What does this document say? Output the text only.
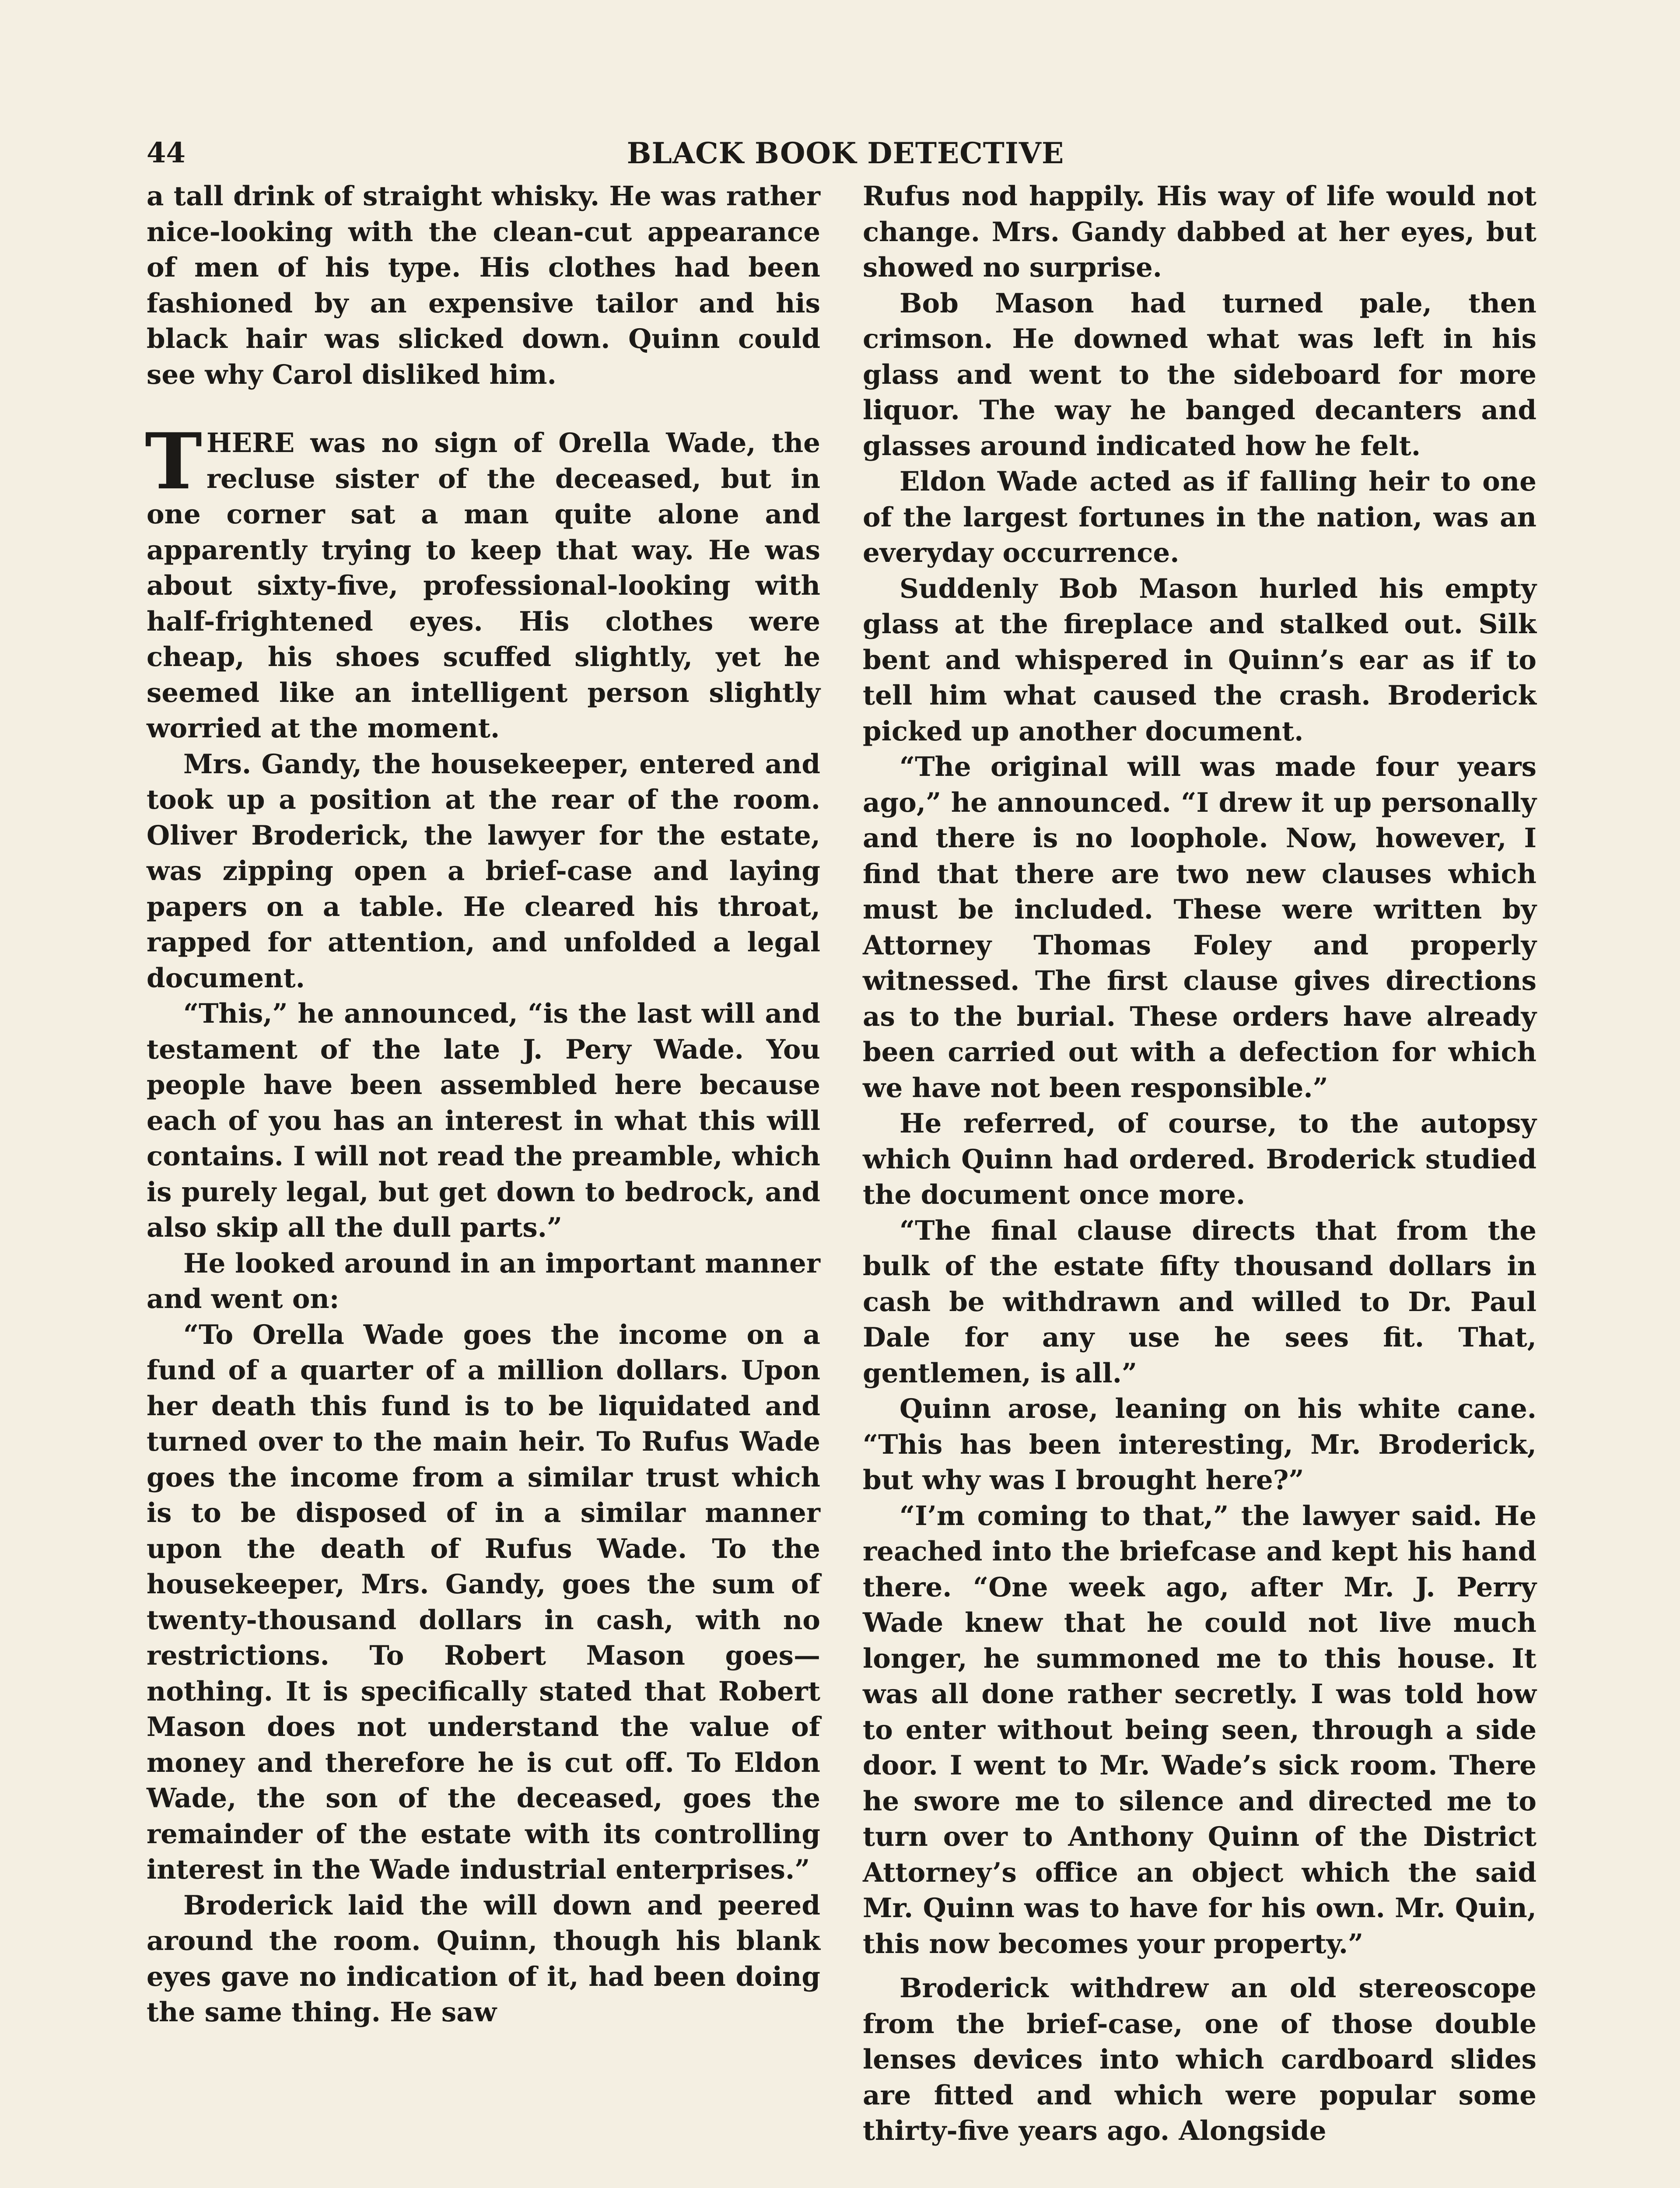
44	BLACK BOOK DETECTIVE

a tall drink of straight whisky. He was rather nice-looking with the clean-cut appearance of men of his type. His clothes had been fashioned by an expensive tailor and his black hair was slicked down. Quinn could see why Carol disliked him.

THERE was no sign of Orella Wade, the recluse sister of the deceased, but in one corner sat a man quite alone and apparently trying to keep that way. He was about sixty-five, professional-looking with half-frightened eyes. His clothes were cheap, his shoes scuffed slightly, yet he seemed like an intelligent person slightly worried at the moment.

Mrs. Gandy, the housekeeper, entered and took up a position at the rear of the room. Oliver Broderick, the lawyer for the estate, was zipping open a brief-case and laying papers on a table. He cleared his throat, rapped for attention, and unfolded a legal document.

“This,” he announced, “is the last will and testament of the late J. Pery Wade. You people have been assembled here because each of you has an interest in what this will contains. I will not read the preamble, which is purely legal, but get down to bedrock, and also skip all the dull parts.”

He looked around in an important manner and went on:

“To Orella Wade goes the income on a fund of a quarter of a million dollars. Upon her death this fund is to be liquidated and turned over to the main heir. To Rufus Wade goes the income from a similar trust which is to be disposed of in a similar manner upon the death of Rufus Wade. To the housekeeper, Mrs. Gandy, goes the sum of twenty-thousand dollars in cash, with no restrictions. To Robert Mason goes—nothing. It is specifically stated that Robert Mason does not understand the value of money and therefore he is cut off. To Eldon Wade, the son of the deceased, goes the remainder of the estate with its controlling interest in the Wade industrial enterprises.”

Broderick laid the will down and peered around the room. Quinn, though his blank eyes gave no indication of it, had been doing the same thing. He saw

Rufus nod happily. His way of life would not change. Mrs. Gandy dabbed at her eyes, but showed no surprise.

Bob Mason had turned pale, then crimson. He downed what was left in his glass and went to the sideboard for more liquor. The way he banged decanters and glasses around indicated how he felt.

Eldon Wade acted as if falling heir to one of the largest fortunes in the nation, was an everyday occurrence.

Suddenly Bob Mason hurled his empty glass at the fireplace and stalked out. Silk bent and whispered in Quinn’s ear as if to tell him what caused the crash. Broderick picked up another document.

“The original will was made four years ago,” he announced. “I drew it up personally and there is no loophole. Now, however, I find that there are two new clauses which must be included. These were written by Attorney Thomas Foley and properly witnessed. The first clause gives directions as to the burial. These orders have already been carried out with a defection for which we have not been responsible.”

He referred, of course, to the autopsy which Quinn had ordered. Broderick studied the document once more.

“The final clause directs that from the bulk of the estate fifty thousand dollars in cash be withdrawn and willed to Dr. Paul Dale for any use he sees fit. That, gentlemen, is all.”

Quinn arose, leaning on his white cane. “This has been interesting, Mr. Broderick, but why was I brought here?”

“I’m coming to that,” the lawyer said. He reached into the briefcase and kept his hand there. “One week ago, after Mr. J. Perry Wade knew that he could not live much longer, he summoned me to this house. It was all done rather secretly. I was told how to enter without being seen, through a side door. I went to Mr. Wade’s sick room. There he swore me to silence and directed me to turn over to Anthony Quinn of the District Attorney’s office an object which the said Mr. Quinn was to have for his own. Mr. Quin, this now becomes your property.”

Broderick withdrew an old stereoscope from the brief-case, one of those double lenses devices into which cardboard slides are fitted and which were popular some thirty-five years ago. Alongside
